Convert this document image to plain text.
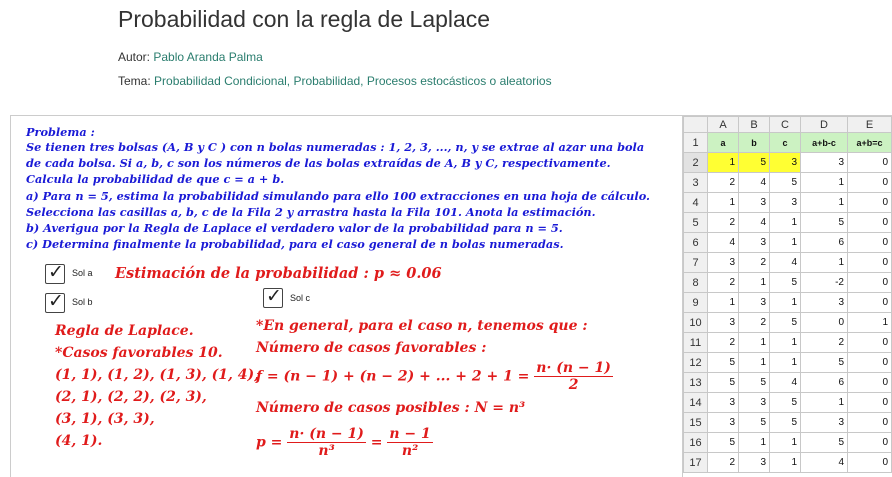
Probabilidad con la regla de Laplace
Autor: Pablo Aranda Palma
Tema: Probabilidad Condicional, Probabilidad, Procesos estocásticos o aleatorios
Problema :
Se tienen tres bolsas (A, B y C ) con n bolas numeradas : 1, 2, 3, ..., n, y se extrae al azar una bola
de cada bolsa. Si a, b, c son los números de las bolas extraídas de A, B y C, respectivamente.
Calcula la probabilidad de que c = a + b.
a) Para n = 5, estima la probabilidad simulando para ello 100 extracciones en una hoja de cálculo.
Selecciona las casillas a, b, c de la Fila 2 y arrastra hasta la Fila 101. Anota la estimación.
b) Averigua por la Regla de Laplace el verdadero valor de la probabilidad para n = 5.
c) Determina finalmente la probabilidad, para el caso general de n bolas numeradas.
✓ Sol a
✓ Sol b	✓ Sol c
Estimación de la probabilidad : p ≈ 0.06
Regla de Laplace.
*Casos favorables 10.
(1, 1), (1, 2), (1, 3), (1, 4),
(2, 1), (2, 2), (2, 3),
(3, 1), (3, 3),
(4, 1).
*En general, para el caso n, tenemos que :
Número de casos favorables :
f = (n − 1) + (n − 2) + ... + $2 + 1 = \frac{n\cdot (n - 1)}{2}$
Número de casos posibles : N = n³
$p = \frac{n\cdot (n - 1)}{\text{n³}} = \frac{n - 1}{\text{n²}}$
	A	B	C	D	E
1	a	b	c	a+b-c	a+b=c
2	1	5	3	3	0
3	2	4	5	1	0
4	1	3	3	1	0
5	2	4	1	5	0
6	4	3	1	6	0
7	3	2	4	1	0
8	2	1	5	-2	0
9	1	3	1	3	0
10	3	2	5	0	1
11	2	1	1	2	0
12	5	1	1	5	0
13	5	5	4	6	0
14	3	3	5	1	0
15	3	5	5	3	0
16	5	1	1	5	0
17	2	3	1	4	0
